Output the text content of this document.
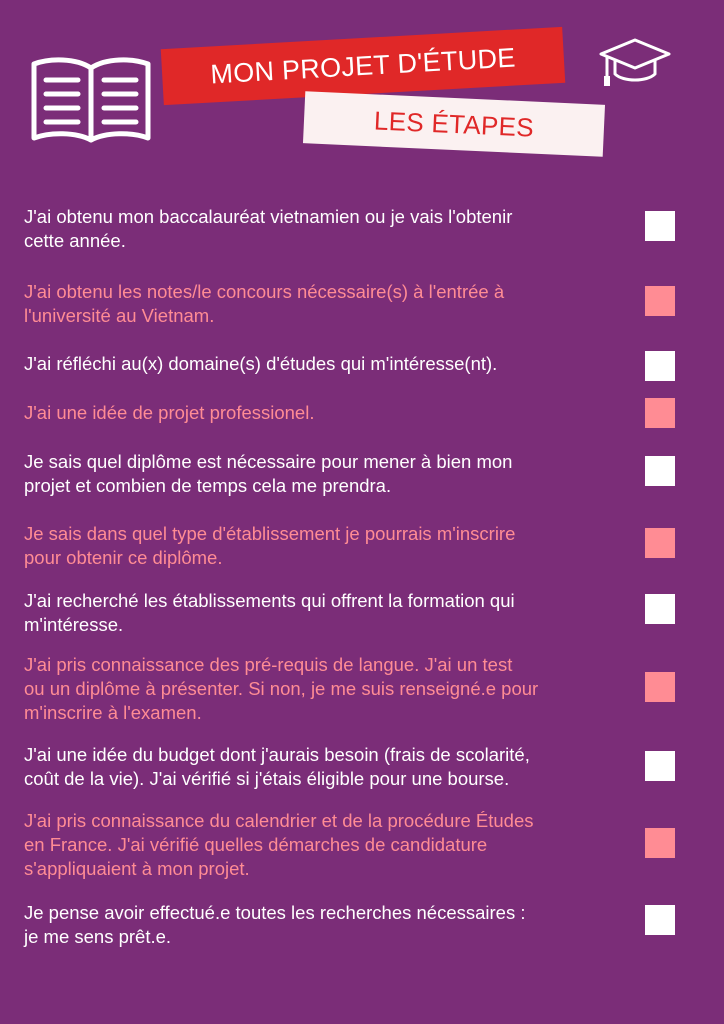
MON PROJET D'ÉTUDE
LES ÉTAPES
J'ai obtenu mon baccalauréat vietnamien ou je vais l'obtenir
cette année.
J'ai obtenu les notes/le concours nécessaire(s) à l'entrée à
l'université au Vietnam.
J'ai réfléchi au(x) domaine(s) d'études qui m'intéresse(nt).
J'ai une idée de projet professionel.
Je sais quel diplôme est nécessaire pour mener à bien mon
projet et combien de temps cela me prendra.
Je sais dans quel type d'établissement je pourrais m'inscrire
pour obtenir ce diplôme.
J'ai recherché les établissements qui offrent la formation qui
m'intéresse.
J'ai pris connaissance des pré-requis de langue. J'ai un test
ou un diplôme à présenter. Si non, je me suis renseigné.e pour
m'inscrire à l'examen.
J'ai une idée du budget dont j'aurais besoin (frais de scolarité,
coût de la vie). J'ai vérifié si j'étais éligible pour une bourse.
J'ai pris connaissance du calendrier et de la procédure Études
en France. J'ai vérifié quelles démarches de candidature
s'appliquaient à mon projet.
Je pense avoir effectué.e toutes les recherches nécessaires :
je me sens prêt.e.
